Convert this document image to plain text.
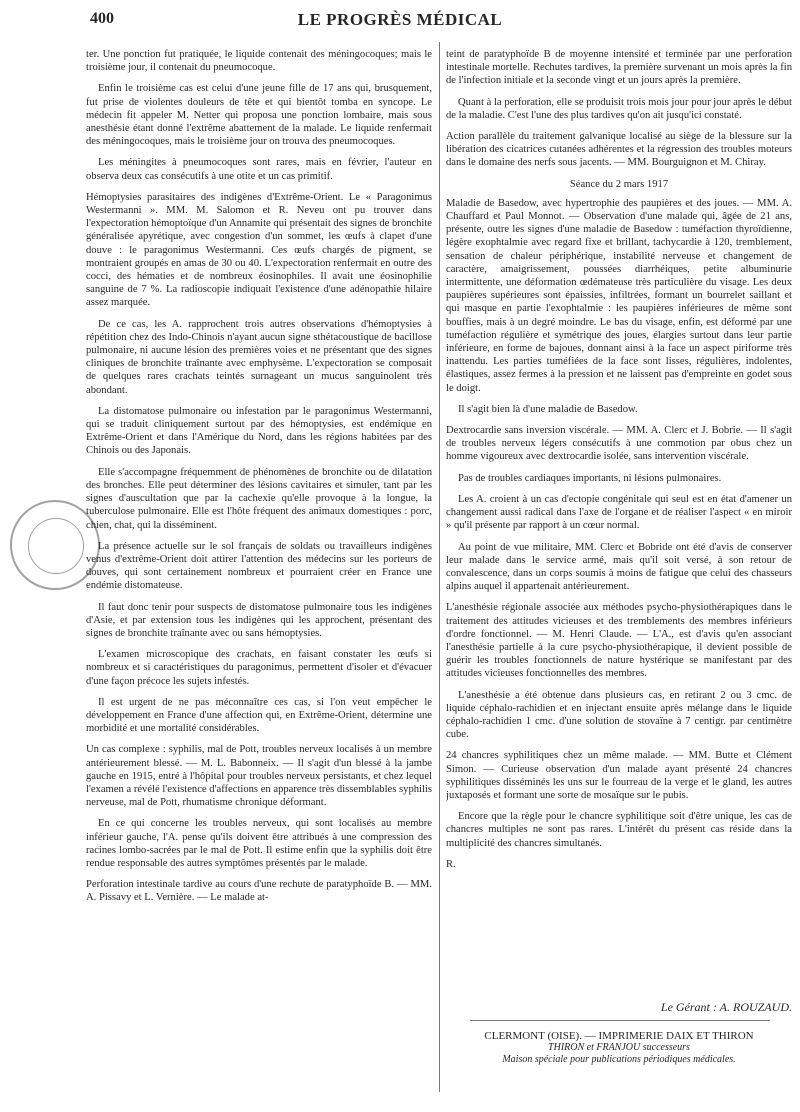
400	LE PROGRÈS MÉDICAL

ter. Une ponction fut pratiquée, le liquide contenait des méningocoques; mais le troisième jour, il contenait du pneumocoque.

Enfin le troisième cas est celui d'une jeune fille de 17 ans qui, brusquement, fut prise de violentes douleurs de tête et qui bientôt tomba en syncope. Le médecin fit appeler M. Netter qui proposa une ponction lombaire, mais sous anesthésie étant donné l'extrême abattement de la malade. Le liquide renfermait des méningocoques, mais le troisième jour on trouva des pneumocoques.

Les méningites à pneumocoques sont rares, mais en février, l'auteur en observa deux cas consécutifs à une otite et un cas primitif.

Hémoptysies parasitaires des indigènes d'Extrême-Orient. Le « Paragonimus Westermanni ». MM. M. Salomon et R. Neveu ont pu trouver dans l'expectoration hémoptoïque d'un Annamite qui présentait des signes de bronchite généralisée apyrétique, avec congestion d'un sommet, les œufs à clapet d'une douve : le paragonimus Westermanni. Ces œufs chargés de pigment, se montraient groupés en amas de 30 ou 40. L'expectoration renfermait en outre des cocci, des hématies et de nombreux éosinophiles. Il avait une éosinophilie sanguine de 7 %. La radioscopie indiquait l'existence d'une adénopathie hilaire assez marquée.

De ce cas, les A. rapprochent trois autres observations d'hémoptysies à répétition chez des Indo-Chinois n'ayant aucun signe sthétacoustique de bacillose pulmonaire, ni aucune lésion des premières voies et ne présentant que des signes cliniques de bronchite traînante avec emphysème. L'expectoration se composait de quelques rares crachats teintés surnageant un mucus sanguinolent très abondant.

La distomatose pulmonaire ou infestation par le paragonimus Westermanni, qui se traduit cliniquement surtout par des hémoptysies, est endémique en Extrême-Orient et dans l'Amérique du Nord, dans les régions habitées par des Chinois ou des Japonais.

Elle s'accompagne fréquemment de phénomènes de bronchite ou de dilatation des bronches. Elle peut déterminer des lésions cavitaires et simuler, tant par les signes d'auscultation que par la cachexie qu'elle provoque à la longue, la tuberculose pulmonaire. Elle est l'hôte fréquent des animaux domestiques : porc, chien, chat, qui la disséminent.

La présence actuelle sur le sol français de soldats ou travailleurs indigènes venus d'extrême-Orient doit attirer l'attention des médecins sur les porteurs de douves, qui sont certainement nombreux et pourraient créer en France une endémie distomateuse.

Il faut donc tenir pour suspects de distomatose pulmonaire tous les indigènes d'Asie, et par extension tous les indigènes qui les approchent, présentant des signes de bronchite traînante avec ou sans hémoptysies.

L'examen microscopique des crachats, en faisant constater les œufs si nombreux et si caractéristiques du paragonimus, permettent d'isoler et d'évacuer d'une façon précoce les sujets infestés.

Il est urgent de ne pas méconnaître ces cas, si l'on veut empêcher le développement en France d'une affection qui, en Extrême-Orient, détermine une morbidité et une mortalité considérables.

Un cas complexe : syphilis, mal de Pott, troubles nerveux localisés à un membre antérieurement blessé. — M. L. Babonneix. — Il s'agit d'un blessé à la jambe gauche en 1915, entré à l'hôpital pour troubles nerveux persistants, et chez lequel l'examen a révélé l'existence d'affections en apparence très dissemblables syphilis nerveuse, mal de Pott, rhumatisme chronique déformant.

En ce qui concerne les troubles nerveux, qui sont localisés au membre inférieur gauche, l'A. pense qu'ils doivent être attribués à une compression des racines lombo-sacrées par le mal de Pott. Il estime enfin que la syphilis doit être rendue responsable des autres symptômes présentés par le malade.

Perforation intestinale tardive au cours d'une rechute de paratyphoïde B. — MM. A. Pissavy et L. Vernière. — Le malade at-

teint de paratyphoïde B de moyenne intensité et terminée par une perforation intestinale mortelle. Rechutes tardives, la première survenant un mois après la fin de l'infection initiale et la seconde vingt et un jours après la première.

Quant à la perforation, elle se produisit trois mois jour pour jour après le début de la maladie. C'est l'une des plus tardives qu'on ait jusqu'ici constaté.

Action parallèle du traitement galvanique localisé au siège de la blessure sur la libération des cicatrices cutanées adhérentes et la régression des troubles moteurs dans le domaine des nerfs sous jacents. — MM. Bourguignon et M. Chiray.

Séance du 2 mars 1917

Maladie de Basedow, avec hypertrophie des paupières et des joues. — MM. A. Chauffard et Paul Monnot. — Observation d'une malade qui, âgée de 21 ans, présente, outre les signes d'une maladie de Basedow : tuméfaction thyroïdienne, légère exophtalmie avec regard fixe et brillant, tachycardie à 120, tremblement, sensation de chaleur périphérique, instabilité nerveuse et changement de caractère, amaigrissement, poussées diarrhéiques, petite albuminurie intermittente, une déformation œdémateuse très particulière du visage. Les deux paupières supérieures sont épaissies, infiltrées, formant un bourrelet saillant et qui masque en partie l'exophtalmie : les paupières inférieures de même sont bouffies, mais à un degré moindre. Le bas du visage, enfin, est déformé par une tuméfaction régulière et symétrique des joues, élargies surtout dans leur partie inférieure, en forme de bajoues, donnant ainsi à la face un aspect piriforme très inattendu. Les parties tuméfiées de la face sont lisses, régulières, indolentes, élastiques, assez fermes à la pression et ne laissent pas d'empreinte en godet sous le doigt.

Il s'agit bien là d'une maladie de Basedow.

Dextrocardie sans inversion viscérale. — MM. A. Clerc et J. Bobrie. — Il s'agit de troubles nerveux légers consécutifs à une commotion par obus chez un homme vigoureux avec dextrocardie isolée, sans intervention viscérale.

Pas de troubles cardiaques importants, ni lésions pulmonaires.

Les A. croient à un cas d'ectopie congénitale qui seul est en état d'amener un changement aussi radical dans l'axe de l'organe et de réaliser l'aspect « en miroir » qu'il présente par rapport à un cœur normal.

Au point de vue militaire, MM. Clerc et Bobride ont été d'avis de conserver leur malade dans le service armé, mais qu'il soit versé, à son retour de convalescence, dans un corps soumis à moins de fatigue que celui des chasseurs alpins auquel il appartenait antérieurement.

L'anesthésie régionale associée aux méthodes psycho-physiothérapiques dans le traitement des attitudes vicieuses et des tremblements des membres inférieurs d'ordre fonctionnel. — M. Henri Claude. — L'A., est d'avis qu'en associant l'anesthésie partielle à la cure psycho-physiothérapique, il devient possible de guérir les troubles fonctionnels de nature hystérique se manifestant par des attitudes vicieuses fonctionnelles des membres.

L'anesthésie a été obtenue dans plusieurs cas, en retirant 2 ou 3 cmc. de liquide céphalo-rachidien et en injectant ensuite après mélange dans le liquide céphalo-rachidien 1 cmc. d'une solution de stovaïne à 7 centigr. par centimètre cube.

24 chancres syphilitiques chez un même malade. — MM. Butte et Clément Simon. — Curieuse observation d'un malade ayant présenté 24 chancres syphilitiques disséminés les uns sur le fourreau de la verge et le gland, les autres juxtaposés et formant une sorte de mosaïque sur le pubis.

Encore que la règle pour le chancre syphilitique soit d'être unique, les cas de chancres multiples ne sont pas rares. L'intérêt du présent cas réside dans la multiplicité des chancres simultanés.

R.

Le Gérant : A. ROUZAUD.
CLERMONT (OISE). — IMPRIMERIE DAIX ET THIRON
THIRON et FRANJOU successeurs
Maison spéciale pour publications périodiques médicales.
